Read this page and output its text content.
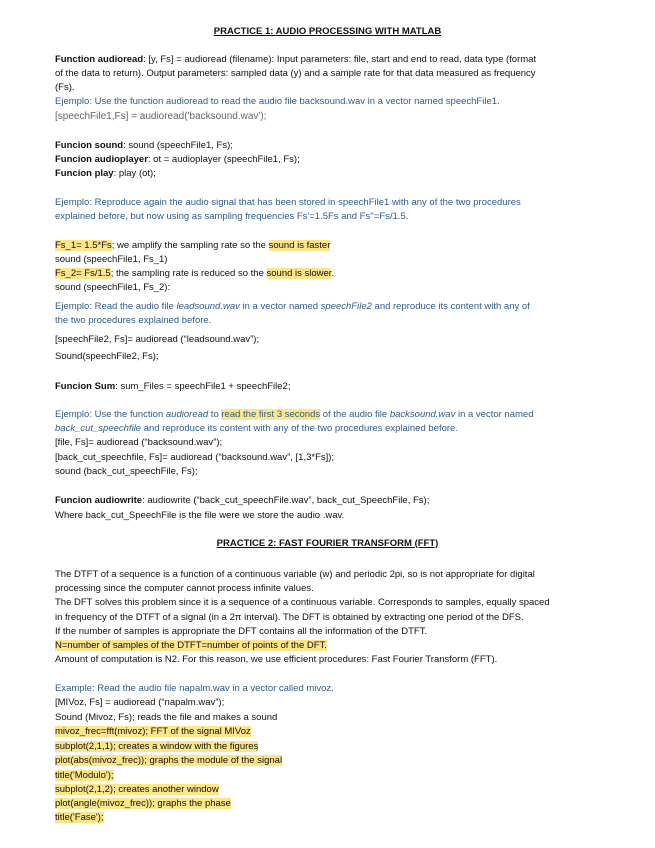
PRACTICE 1: AUDIO PROCESSING WITH MATLAB
Function audioread: [y, Fs] = audioread (filename): Input parameters: file, start and end to read, data type (format
of the data to return). Output parameters: sampled data (y) and a sample rate for that data measured as frequency
(Fs).
Ejemplo: Use the function audioread to read the audio file backsound.wav in a vector named speechFile1.
[speechFile1,Fs] = audioread('backsound.wav');
Funcion sound: sound (speechFile1, Fs);
Funcion audioplayer: ot = audioplayer (speechFile1, Fs);
Funcion play: play (ot);
Ejemplo: Reproduce again the audio signal that has been stored in speechFile1 with any of the two procedures
explained before, but now using as sampling frequencies Fs'=1.5Fs and Fs''=Fs/1.5.
Fs_1= 1.5*Fs; we amplify the sampling rate so the sound is faster
sound (speechFile1, Fs_1)
Fs_2= Fs/1.5; the sampling rate is reduced so the sound is slower.
sound (speechFile1, Fs_2):
Ejemplo: Read the audio file leadsound.wav in a vector named speechFile2 and reproduce its content with any of
the two procedures explained before.
[speechFile2, Fs]= audioread (“leadsound.wav”);
Sound(speechFile2, Fs);
Funcion Sum: sum_Files = speechFile1 + speechFile2;
Ejemplo: Use the function audioread to read the first 3 seconds of the audio file backsound.wav in a vector named
back_cut_speechfile and reproduce its content with any of the two procedures explained before.
[file, Fs]= audioread (“backsound.wav”);
[back_cut_speechfile, Fs]= audioread (“backsound.wav”, [1,3*Fs]);
sound (back_cut_speechFile, Fs);
Funcion audiowrite: audiowrite (“back_cut_speechFile.wav”, back_cut_SpeechFile, Fs);
Where back_cut_SpeechFile is the file were we store the audio .wav.
PRACTICE 2: FAST FOURIER TRANSFORM (FFT)
The DTFT of a sequence is a function of a continuous variable (w) and periodic 2pi, so is not appropriate for digital
processing since the computer cannot process infinite values.
The DFT solves this problem since it is a sequence of a continuous variable. Corresponds to samples, equally spaced
in frequency of the DTFT of a signal (in a 2π interval). The DFT is obtained by extracting one period of the DFS.
If the number of samples is appropriate the DFT contains all the information of the DTFT.
N=number of samples of the DTFT=number of points of the DFT.
Amount of computation is N2. For this reason, we use efficient procedures: Fast Fourier Transform (FFT).
Example: Read the audio file napalm.wav in a vector called mivoz.
[MIVoz, Fs] = audioread (“napalm.wav”);
Sound (Mivoz, Fs); reads the file and makes a sound
mivoz_frec=fft(mivoz); FFT of the signal MIVoz
subplot(2,1,1); creates a window with the figures
plot(abs(mivoz_frec)); graphs the module of the signal
title('Modulo');
subplot(2,1,2); creates another window
plot(angle(mivoz_frec)); graphs the phase
title('Fase');
